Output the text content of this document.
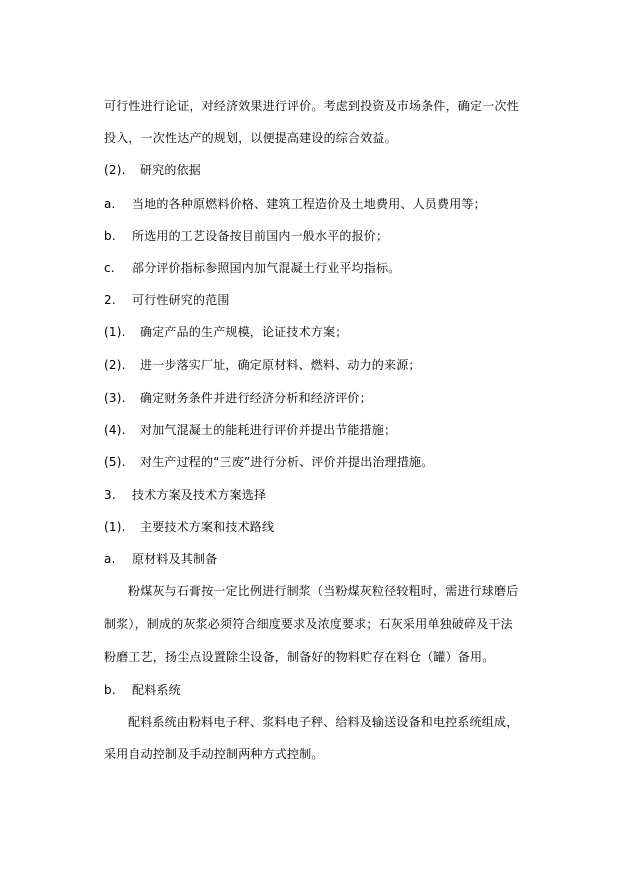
可行性进行论证，对经济效果进行评价。考虑到投资及市场条件，确定一次性
投入，一次性达产的规划，以便提高建设的综合效益。
(2). 研究的依据
a. 当地的各种原燃料价格、建筑工程造价及土地费用、人员费用等；
b. 所选用的工艺设备按目前国内一般水平的报价；
c. 部分评价指标参照国内加气混凝土行业平均指标。
2. 可行性研究的范围
(1). 确定产品的生产规模，论证技术方案；
(2). 进一步落实厂址，确定原材料、燃料、动力的来源；
(3). 确定财务条件并进行经济分析和经济评价；
(4). 对加气混凝土的能耗进行评价并提出节能措施；
(5). 对生产过程的“三废”进行分析、评价并提出治理措施。
3. 技术方案及技术方案选择
(1). 主要技术方案和技术路线
a. 原材料及其制备
粉煤灰与石膏按一定比例进行制浆（当粉煤灰粒径较粗时，需进行球磨后
制浆），制成的灰浆必须符合细度要求及浓度要求；石灰采用单独破碎及干法
粉磨工艺，扬尘点设置除尘设备，制备好的物料贮存在料仓（罐）备用。
b. 配料系统
配料系统由粉料电子秤、浆料电子秤、给料及输送设备和电控系统组成，
采用自动控制及手动控制两种方式控制。
